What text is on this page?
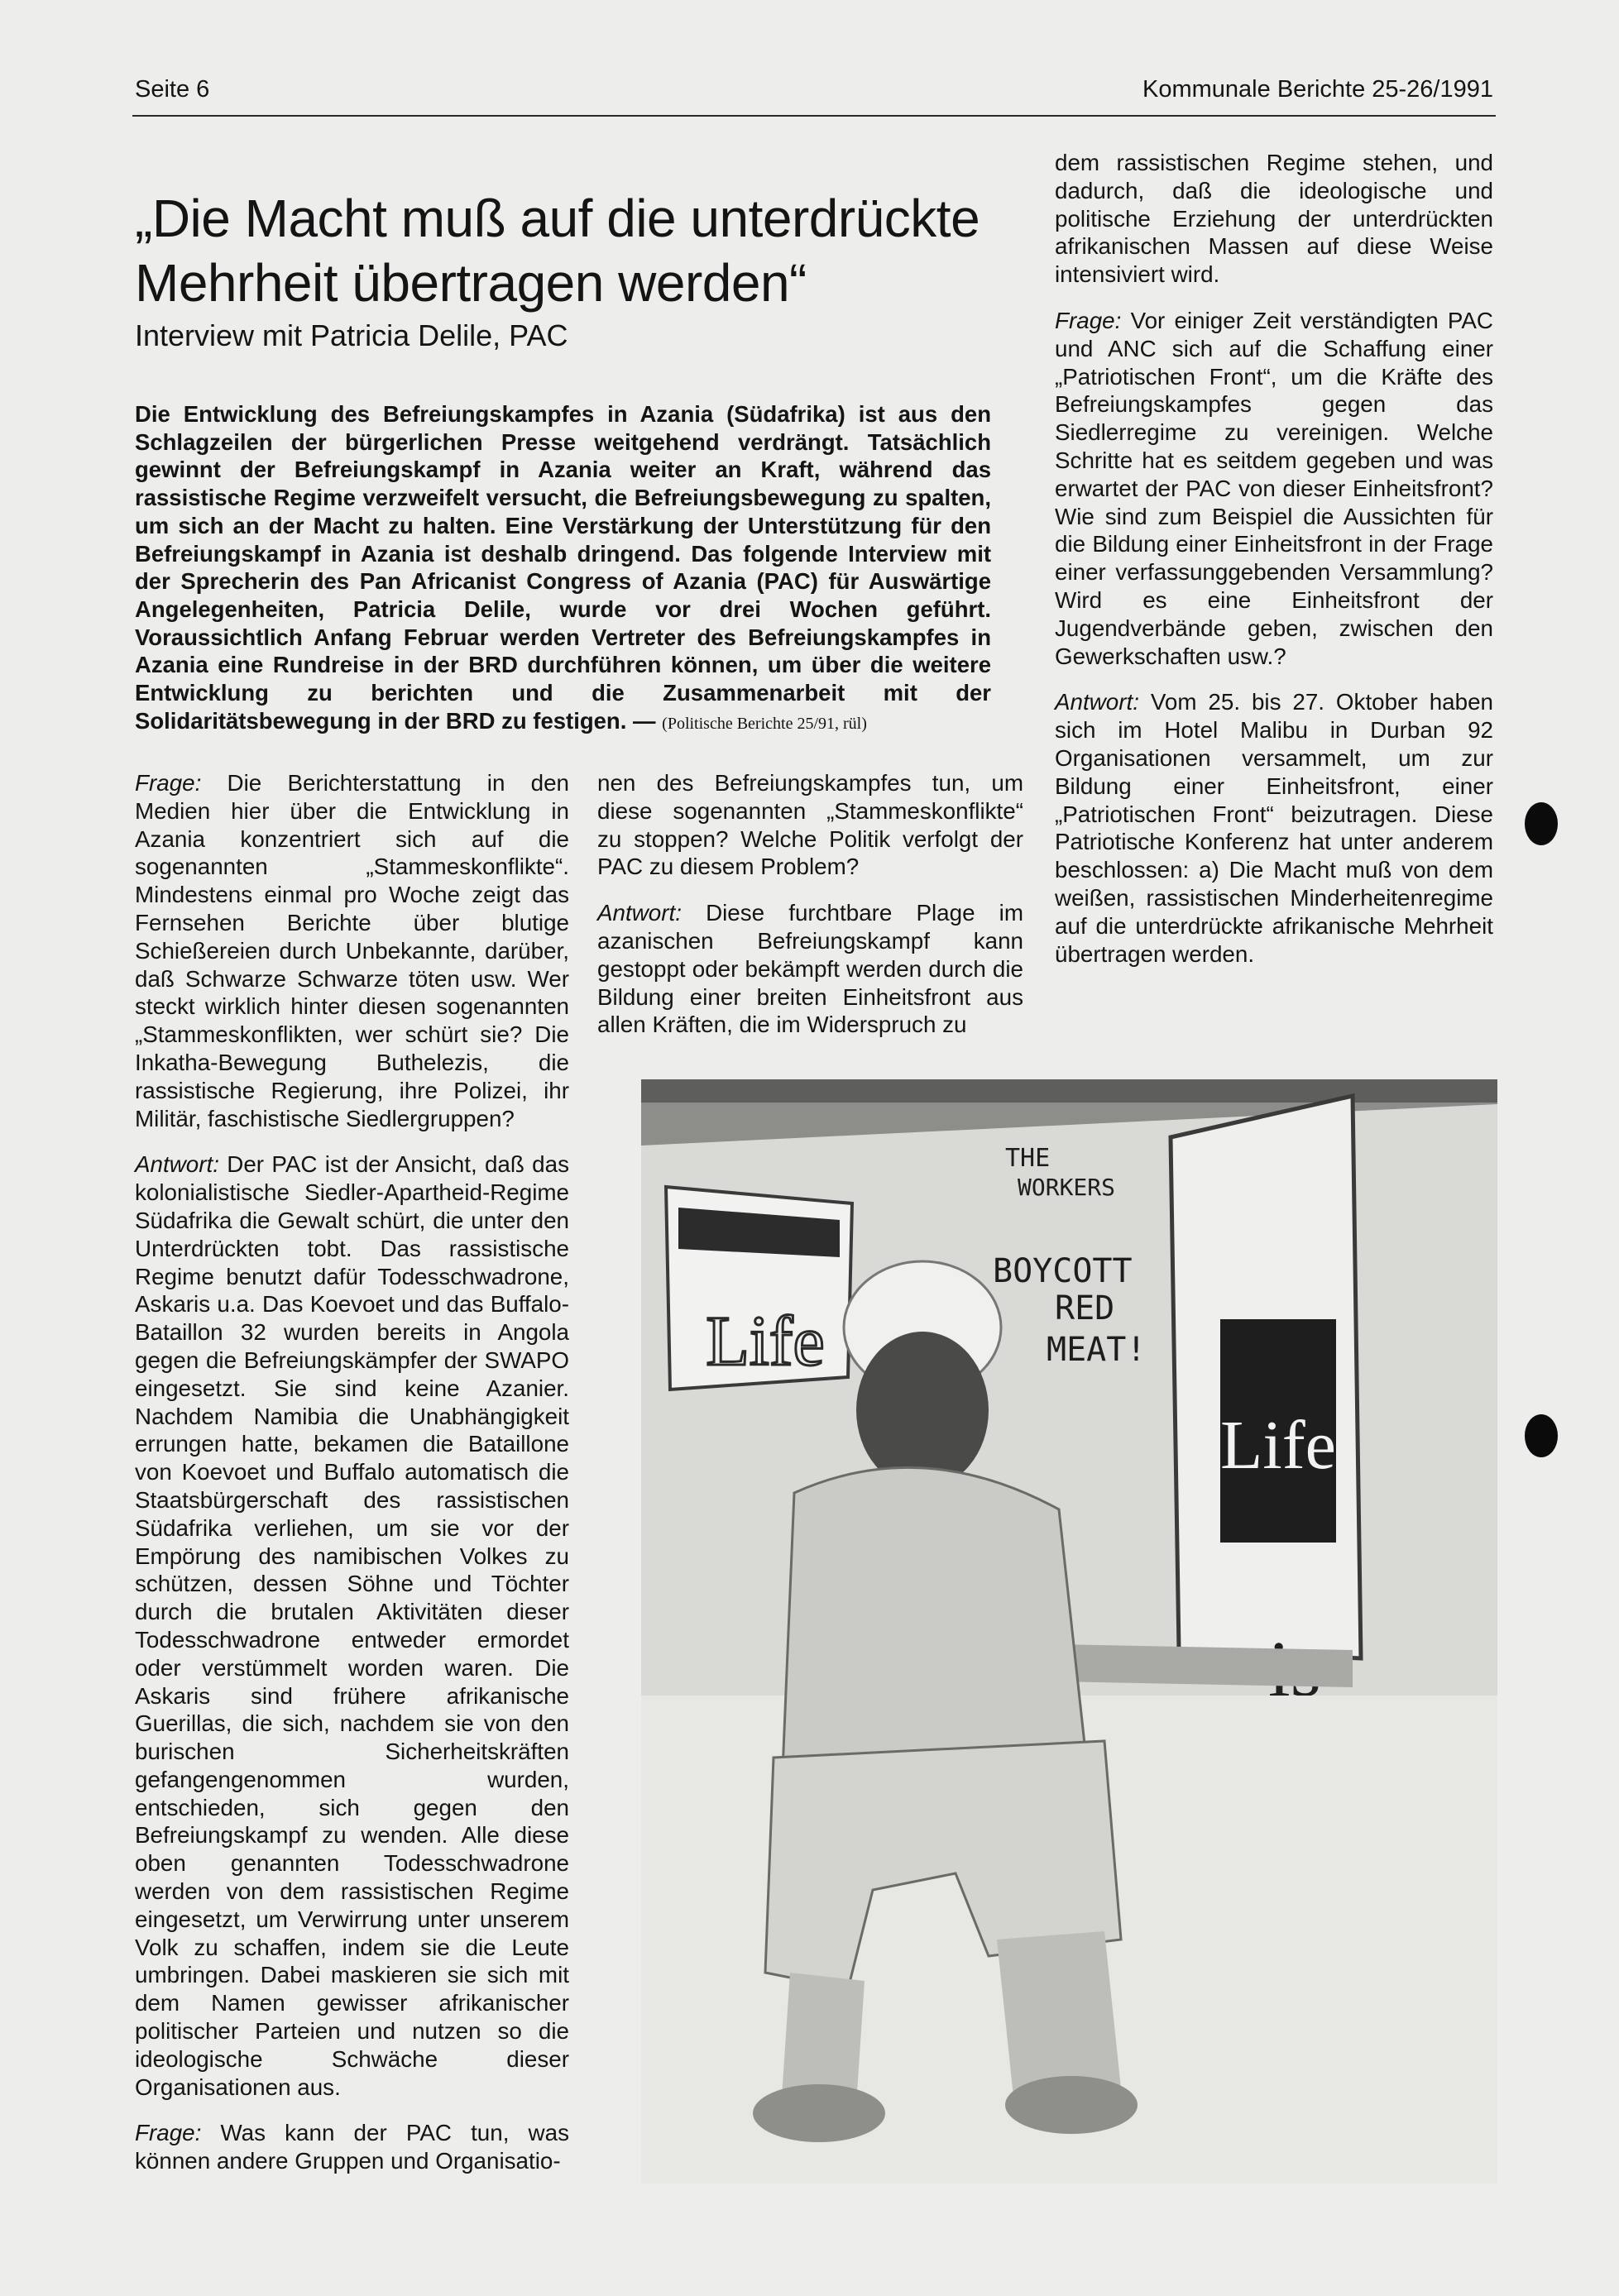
Seite 6	Kommunale Berichte 25-26/1991
„Die Macht muß auf die unterdrückte Mehrheit übertragen werden“
Interview mit Patricia Delile, PAC

Die Entwicklung des Befreiungskampfes in Azania (Südafrika) ist aus den Schlagzeilen der bürgerlichen Presse weitgehend verdrängt. Tatsächlich gewinnt der Befreiungskampf in Azania weiter an Kraft, während das rassistische Regime verzweifelt versucht, die Befreiungsbewegung zu spalten, um sich an der Macht zu halten. Eine Verstärkung der Unterstützung für den Befreiungskampf in Azania ist deshalb dringend. Das folgende Interview mit der Sprecherin des Pan Africanist Congress of Azania (PAC) für Auswärtige Angelegenheiten, Patricia Delile, wurde vor drei Wochen geführt. Voraussichtlich Anfang Februar werden Vertreter des Befreiungskampfes in Azania eine Rundreise in der BRD durchführen können, um über die weitere Entwicklung zu berichten und die Zusammenarbeit mit der Solidaritätsbewegung in der BRD zu festigen. — (Politische Berichte 25/91, rül)

Frage: Die Berichterstattung in den Medien hier über die Entwicklung in Azania konzentriert sich auf die sogenannten „Stammeskonflikte“. Mindestens einmal pro Woche zeigt das Fernsehen Berichte über blutige Schießereien durch Unbekannte, darüber, daß Schwarze Schwarze töten usw. Wer steckt wirklich hinter diesen sogenannten „Stammeskonflikten, wer schürt sie? Die Inkatha-Bewegung Buthelezis, die rassistische Regierung, ihre Polizei, ihr Militär, faschistische Siedlergruppen?

Antwort: Der PAC ist der Ansicht, daß das kolonialistische Siedler-Apartheid-Regime Südafrika die Gewalt schürt, die unter den Unterdrückten tobt. Das rassistische Regime benutzt dafür Todesschwadrone, Askaris u.a. Das Koevoet und das Buffalo-Bataillon 32 wurden bereits in Angola gegen die Befreiungskämpfer der SWAPO eingesetzt. Sie sind keine Azanier. Nachdem Namibia die Unabhängigkeit errungen hatte, bekamen die Bataillone von Koevoet und Buffalo automatisch die Staatsbürgerschaft des rassistischen Südafrika verliehen, um sie vor der Empörung des namibischen Volkes zu schützen, dessen Söhne und Töchter durch die brutalen Aktivitäten dieser Todesschwadrone entweder ermordet oder verstümmelt worden waren. Die Askaris sind frühere afrikanische Guerillas, die sich, nachdem sie von den burischen Sicherheitskräften gefangengenommen wurden, entschieden, sich gegen den Befreiungskampf zu wenden. Alle diese oben genannten Todesschwadrone werden von dem rassistischen Regime eingesetzt, um Verwirrung unter unserem Volk zu schaffen, indem sie die Leute umbringen. Dabei maskieren sie sich mit dem Namen gewisser afrikanischer politischer Parteien und nutzen so die ideologische Schwäche dieser Organisationen aus.

Frage: Was kann der PAC tun, was können andere Gruppen und Organisatio-

nen des Befreiungskampfes tun, um diese sogenannten „Stammeskonflikte“ zu stoppen? Welche Politik verfolgt der PAC zu diesem Problem?

Antwort: Diese furchtbare Plage im azanischen Befreiungskampf kann gestoppt oder bekämpft werden durch die Bildung einer breiten Einheitsfront aus allen Kräften, die im Widerspruch zu

dem rassistischen Regime stehen, und dadurch, daß die ideologische und politische Erziehung der unterdrückten afrikanischen Massen auf diese Weise intensiviert wird.

Frage: Vor einiger Zeit verständigten PAC und ANC sich auf die Schaffung einer „Patriotischen Front“, um die Kräfte des Befreiungskampfes gegen das Siedlerregime zu vereinigen. Welche Schritte hat es seitdem gegeben und was erwartet der PAC von dieser Einheitsfront? Wie sind zum Beispiel die Aussichten für die Bildung einer Einheitsfront in der Frage einer verfassunggebenden Versammlung? Wird es eine Einheitsfront der Jugendverbände geben, zwischen den Gewerkschaften usw.?

Antwort: Vom 25. bis 27. Oktober haben sich im Hotel Malibu in Durban 92 Organisationen versammelt, um zur Bildung einer Einheitsfront, einer „Patriotischen Front“ beizutragen. Diese Patriotische Konferenz hat unter anderem beschlossen: a) Die Macht muß von dem weißen, rassistischen Minderheitenregime auf die unterdrückte afrikanische Mehrheit übertragen werden.

Life
THE
WORKERS
BOYCOTT
RED
MEAT!
Life
